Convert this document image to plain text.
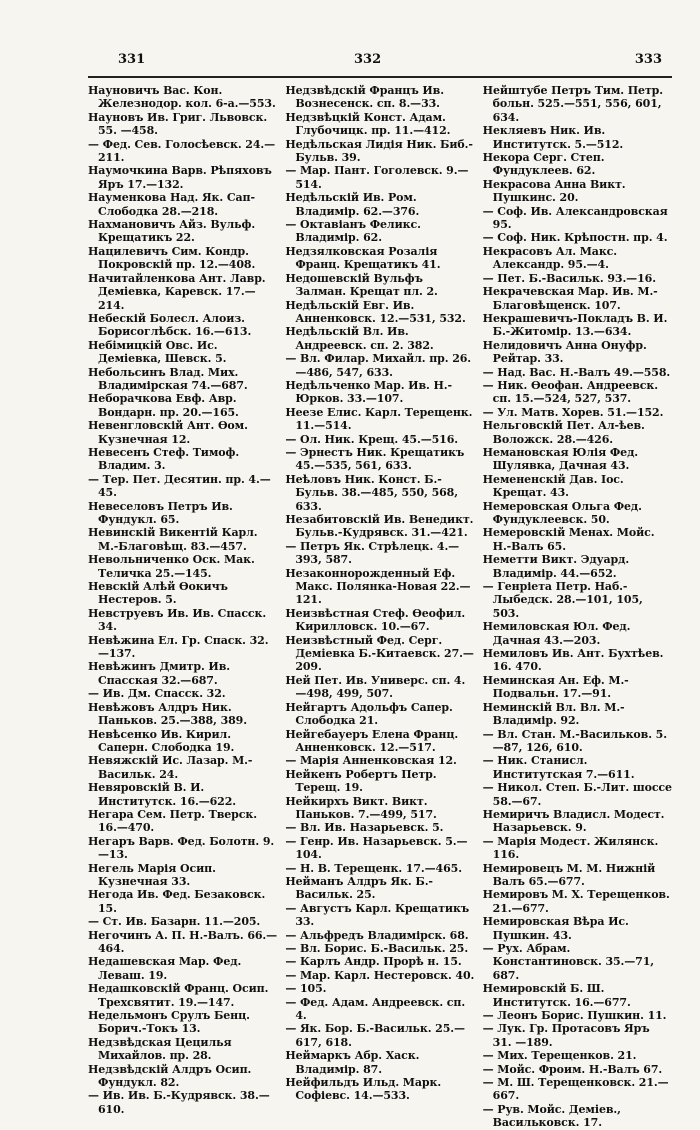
331	332	333

Науновичъ Вас. Кон. Железнодор. кол. 6-а.—553.

Науновъ Ив. Григ. Львовск. 55. —458.

— Фед. Сев. Голосѣевск. 24.—211.

Наумочкина Варв. Рѣпяховъ Яръ 17.—132.

Науменкова Над. Як. Сап-Слободка 28.—218.

Нахмановичъ Айз. Вульф. Крещатикъ 22.

Нацилевичъ Сим. Кондр. Покровскій пр. 12.—408.

Начитайленкова Ант. Лавр. Демiевка, Каревск. 17.—214.

Небескій Болесл. Алоиз. Борисоглѣбск. 16.—613.

Небiмицкiй Овс. Ис. Демiевка, Шевск. 5.

Небольсинъ Влад. Мих. Владимірская 74.—687.

Неборачкова Евф. Авр. Вондарн. пр. 20.—165.

Невенгловскій Ант. Ѳом. Кузнечная 12.

Невесенъ Стеф. Тимоф. Владим. 3.

— Тер. Пет. Десятин. пр. 4.—45.

Невеселовъ Петръ Ив. Фундукл. 65.

Невинскій Викентій Карл. М.-Благовѣщ. 83.—457.

Невольниченко Оск. Мак. Теличка 25.—145.

Невскій Алѣй Ѳокичъ Нестеров. 5.

Невструевъ Ив. Ив. Спасск. 34.

Невѣжина Ел. Гр. Спаск. 32.—137.

Невѣжинъ Дмитр. Ив. Спасская 32.—687.

— Ив. Дм. Спасск. 32.

Невѣжовъ Алдръ Ник. Паньков. 25.—388, 389.

Невѣсенко Ив. Кирил. Саперн. Слободка 19.

Невяжскій Ис. Лазар. М.-Васильк. 24.

Невяровскій В. И. Институтск. 16.—622.

Негара Сем. Петр. Тверск. 16.—470.

Негаръ Варв. Фед. Болотн. 9.—13.

Негель Марія Осип. Кузнечная 33.

Негода Ив. Фед. Безаковск. 15.

— Ст. Ив. Базарн. 11.—205.

Негочинъ А. П. Н.-Валъ. 66.—464.

Недашевская Мар. Фед. Леваш. 19.

Недашковскій Франц. Осип. Трехсвятит. 19.—147.

Недельмонъ Срулъ Бенц. Борич.-Токъ 13.

Недзвѣдская Цецилья Михайлов. пр. 28.

Недзвѣдскій Алдръ Осип. Фундукл. 82.

— Ив. Ив. Б.-Кудрявск. 38.—610.

Недзвѣдскій Францъ Ив. Вознесенск. сп. 8.—33.

Недзвѣцкій Конст. Адам. Глубочицк. пр. 11.—412.

Недѣльская Лидія Ник. Биб.-Бульв. 39.

— Мар. Пант. Гоголевск. 9.—514.

Недѣльскій Ив. Ром. Владимір. 62.—376.

— Октавіанъ Феликс. Владимір. 62.

Недзялковская Розалія Франц. Крещатикъ 41.

Недошевскій Вульфъ Залман. Крещат пл. 2.

Недѣльскій Евг. Ив. Анненковск. 12.—531, 532.

Недѣльскій Вл. Ив. Андреевск. сп. 2. 382.

— Вл. Филар. Михайл. пр. 26.—486, 547, 633.

Недѣльченко Мар. Ив. Н.-Юрков. 33.—107.

Неезе Елис. Карл. Терещенк. 11.—514.

— Ол. Ник. Крещ. 45.—516.

— Эрнестъ Ник. Крещатикъ 45.—535, 561, 633.

Неѣловъ Ник. Конст. Б.-Бульв. 38.—485, 550, 568, 633.

Незабитовскій Ив. Венедикт. Бульв.-Кудрявск. 31.—421.

— Петръ Як. Стрѣлецк. 4.—393, 587.

Незаконнорожденный Еф. Макс. Полянка-Новая 22.—121.

Неизвѣстная Стеф. Ѳеофил. Кирилловск. 10.—67.

Неизвѣстный Фед. Серг. Демiевка Б.-Китаевск. 27.—209.

Ней Пет. Ив. Универс. сп. 4.—498, 499, 507.

Нейгартъ Адольфъ Сапер. Слободка 21.

Нейгебауеръ Елена Франц. Анненковск. 12.—517.

— Марія Анненковская 12.

Нейкенъ Робертъ Петр. Терещ. 19.

Нейкирхъ Викт. Викт. Паньков. 7.—499, 517.

— Вл. Ив. Назарьевск. 5.

— Генр. Ив. Назарьевск. 5.—104.

— Н. В. Терещенк. 17.—465.

Нейманъ Алдръ Як. Б.-Васильк. 25.

— Августъ Карл. Крещатикъ 33.

— Альфредъ Владимірск. 68.

— Вл. Борис. Б.-Васильк. 25.

— Карлъ Андр. Прорѣ н. 15.

— Мар. Карл. Нестеровск. 40.

— 105.

— Фед. Адам. Андреевск. сп. 4.

— Як. Бор. Б.-Васильк. 25.—617, 618.

Неймаркъ Абр. Хаск. Владимір. 87.

Нейфильдъ Ильд. Марк. Софіевс. 14.—533.

Нейштубе Петръ Тим. Петр. больн. 525.—551, 556, 601, 634.

Некляевъ Ник. Ив. Институтск. 5.—512.

Некора Серг. Степ. Фундуклеев. 62.

Некрасова Анна Викт. Пушкинс. 20.

— Соф. Ив. Александровская 95.

— Соф. Ник. Крѣпостн. пр. 4.

Некрасовъ Ал. Макс. Александр. 95.—4.

— Пет. Б.-Васильк. 93.—16.

Некрачевская Мар. Ив. М.-Благовѣщенск. 107.

Некрашевичъ-Покладъ В. И. Б.-Житомір. 13.—634.

Нелидовичъ Анна Онуфр. Рейтар. 33.

— Над. Вас. Н.-Валъ 49.—558.

— Ник. Ѳеофан. Андреевск. сп. 15.—524, 527, 537.

— Ул. Матв. Хорев. 51.—152.

Нельговскій Пет. Ал-ѣев. Воложск. 28.—426.

Немановская Юлія Фед. Шулявка, Дачная 43.

Немененскій Дав. Іос. Крещат. 43.

Немеровская Ольга Фед. Фундуклеевск. 50.

Немеровскій Менах. Мойс. Н.-Валъ 65.

Неметти Викт. Эдуард. Владимір. 44.—652.

— Генріета Петр. Наб.-Лыбедск. 28.—101, 105, 503.

Немиловская Юл. Фед. Дачная 43.—203.

Немиловъ Ив. Ант. Бухтѣев. 16. 470.

Неминская Ан. Еф. М.-Подвальн. 17.—91.

Неминскій Вл. Вл. М.-Владимір. 92.

— Вл. Стан. М.-Васильков. 5.—87, 126, 610.

— Ник. Станисл. Институтская 7.—611.

— Никол. Степ. Б.-Лит. шоссе 58.—67.

Немиричъ Владисл. Модест. Назарьевск. 9.

— Марія Модест. Жилянск. 116.

Немировецъ М. М. Нижній Валъ 65.—677.

Немировъ М. Х. Терещенков. 21.—677.

Немировская Вѣра Ис. Пушкин. 43.

— Рух. Абрам. Константиновск. 35.—71, 687.

Немировскій Б. Ш. Институтск. 16.—677.

— Леонъ Борис. Пушкин. 11.

— Лук. Гр. Протасовъ Яръ 31. —189.

— Мих. Терещенков. 21.

— Мойс. Фроим. Н.-Валъ 67.

— М. Ш. Терещенковск. 21.—667.

— Рув. Мойс. Демiев., Васильковск. 17.
